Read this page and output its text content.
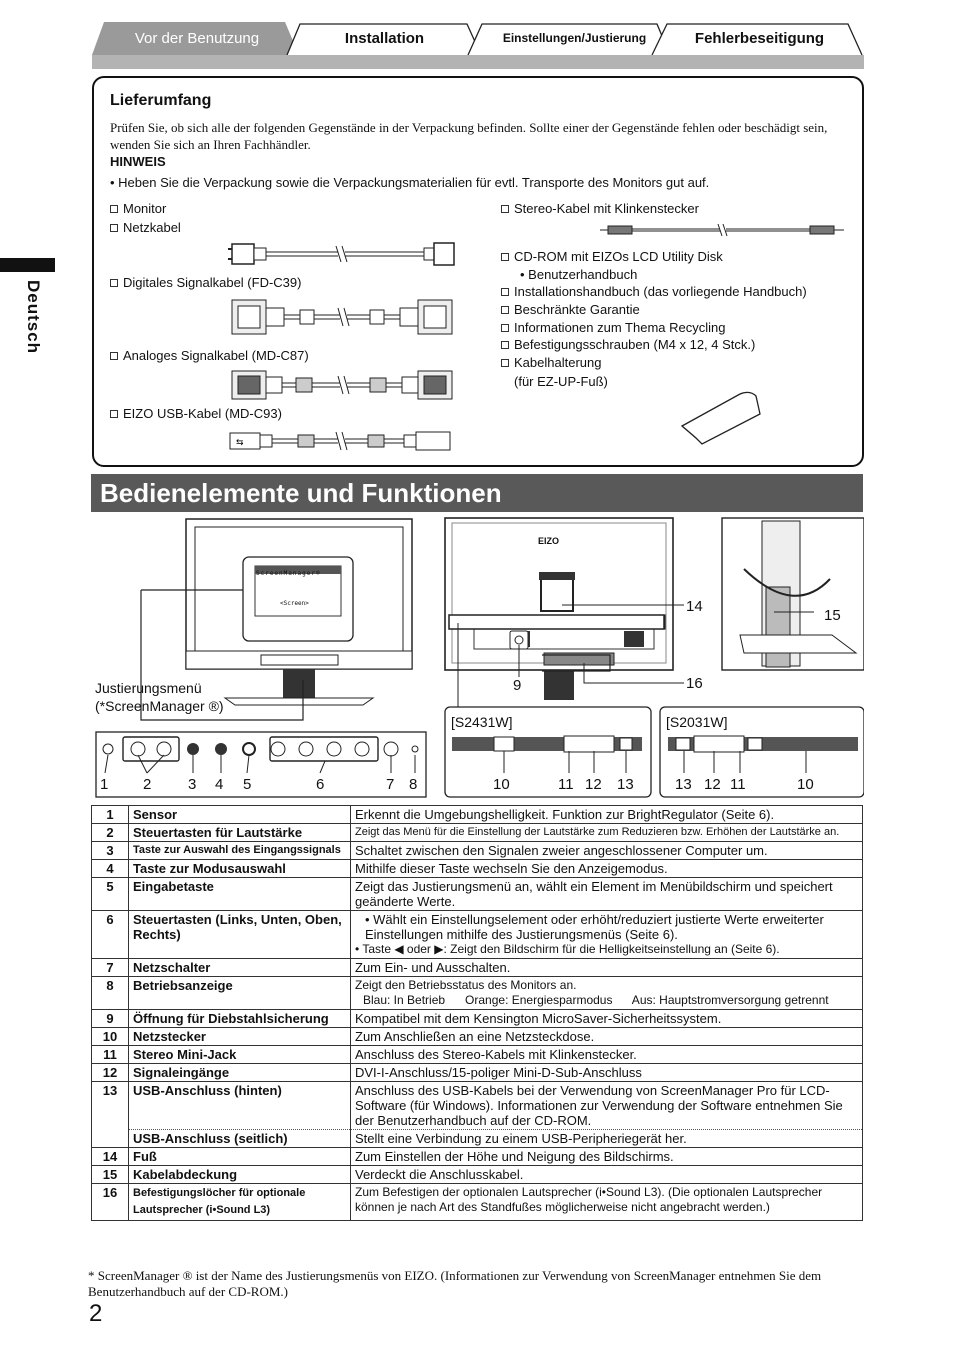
Vor der Benutzung	Installation	Einstellungen/Justierung	Fehlerbeseitigung
Deutsch
Lieferumfang
Prüfen Sie, ob sich alle der folgenden Gegenstände in der Verpackung befinden. Sollte einer der Gegenstände fehlen oder beschädigt sein, wenden Sie sich an Ihren Fachhändler.
HINWEIS
• Heben Sie die Verpackung sowie die Verpackungsmaterialien für evtl. Transporte des Monitors gut auf.
Monitor
Netzkabel
Digitales Signalkabel (FD-C39)
Analoges Signalkabel (MD-C87)
EIZO USB-Kabel (MD-C93)
Stereo-Kabel mit Klinkenstecker
CD-ROM mit EIZOs LCD Utility Disk
• Benutzerhandbuch
Installationshandbuch (das vorliegende Handbuch)
Beschränkte Garantie
Informationen zum Thema Recycling
Befestigungsschrauben (M4 x 12, 4 Stck.)
Kabelhalterung
(für EZ-UP-Fuß)
⇆
Bedienelemente und Funktionen
ScreenManager®
<Screen>
Justierungsmenü
(*ScreenManager ®)
1 2 3 4 5	6	7 8
EIZO
14
9	16
15
[S2431W]	[S2031W]
10	11 12 13	13 12 11	10
1	Sensor	Erkennt die Umgebungshelligkeit. Funktion zur BrightRegulator (Seite 6).
2	Steuertasten für Lautstärke	Zeigt das Menü für die Einstellung der Lautstärke zum Reduzieren bzw. Erhöhen der Lautstärke an.
3	Taste zur Auswahl des Eingangssignals	Schaltet zwischen den Signalen zweier angeschlossener Computer um.
4	Taste zur Modusauswahl	Mithilfe dieser Taste wechseln Sie den Anzeigemodus.
5	Eingabetaste	Zeigt das Justierungsmenü an, wählt ein Element im Menübildschirm und speichert geänderte Werte.
6	Steuertasten (Links, Unten, Oben, Rechts)	• Wählt ein Einstellungselement oder erhöht/reduziert justierte Werte erweiterter Einstellungen mithilfe des Justierungsmenüs (Seite 6).
• Taste ◀ oder ▶: Zeigt den Bildschirm für die Helligkeitseinstellung an (Seite 6).

7	Netzschalter	Zum Ein- und Ausschalten.
8	Betriebsanzeige	Zeigt den Betriebsstatus des Monitors an.
Blau: In Betrieb      Orange: Energiesparmodus      Aus: Hauptstromversorgung getrennt

9	Öffnung für Diebstahlsicherung	Kompatibel mit dem Kensington MicroSaver-Sicherheitssystem.
10	Netzstecker	Zum Anschließen an eine Netzsteckdose.
11	Stereo Mini-Jack	Anschluss des Stereo-Kabels mit Klinkenstecker.
12	Signaleingänge	DVI-I-Anschluss/15-poliger Mini-D-Sub-Anschluss
13	USB-Anschluss (hinten)	Anschluss des USB-Kabels bei der Verwendung von ScreenManager Pro für LCD-Software (für Windows). Informationen zur Verwendung der Software entnehmen Sie der Benutzerhandbuch auf der CD-ROM.
	USB-Anschluss (seitlich)	Stellt eine Verbindung zu einem USB-Peripheriegerät her.
14	Fuß	Zum Einstellen der Höhe und Neigung des Bildschirms.
15	Kabelabdeckung	Verdeckt die Anschlusskabel.
16	Befestigungslöcher für optionale Lautsprecher (i•Sound L3)	Zum Befestigen der optionalen Lautsprecher (i•Sound L3). (Die optionalen Lautsprecher können je nach Art des Standfußes möglicherweise nicht angebracht werden.)
* ScreenManager ® ist der Name des Justierungsmenüs von EIZO. (Informationen zur Verwendung von ScreenManager entnehmen Sie dem Benutzerhandbuch auf der CD-ROM.)
2
